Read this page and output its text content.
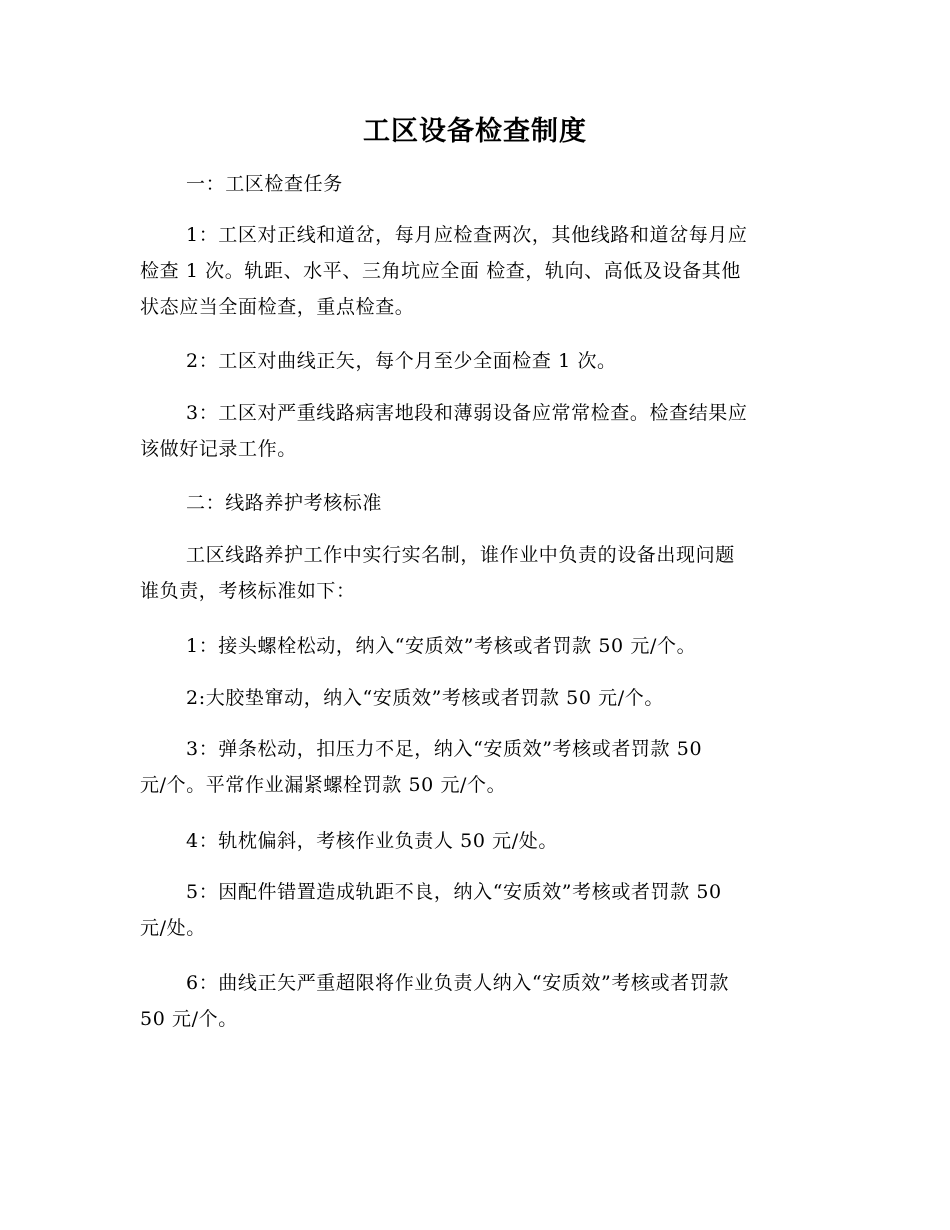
工区设备检查制度

一：工区检查任务

1：工区对正线和道岔，每月应检查两次，其他线路和道岔每月应
检查 1 次。轨距、水平、三角坑应全面 检查，轨向、高低及设备其他
状态应当全面检查，重点检查。

2：工区对曲线正矢，每个月至少全面检查 1 次。

3：工区对严重线路病害地段和薄弱设备应常常检查。检查结果应
该做好记录工作。

二：线路养护考核标准

工区线路养护工作中实行实名制，谁作业中负责的设备出现问题
谁负责，考核标准如下：

1：接头螺栓松动，纳入“安质效”考核或者罚款 50 元/个。

2:大胶垫窜动，纳入“安质效”考核或者罚款 50 元/个。

3：弹条松动，扣压力不足，纳入“安质效”考核或者罚款 50
元/个。平常作业漏紧螺栓罚款 50 元/个。

4：轨枕偏斜，考核作业负责人 50 元/处。

5：因配件错置造成轨距不良，纳入“安质效”考核或者罚款 50
元/处。

6：曲线正矢严重超限将作业负责人纳入“安质效”考核或者罚款
50 元/个。
